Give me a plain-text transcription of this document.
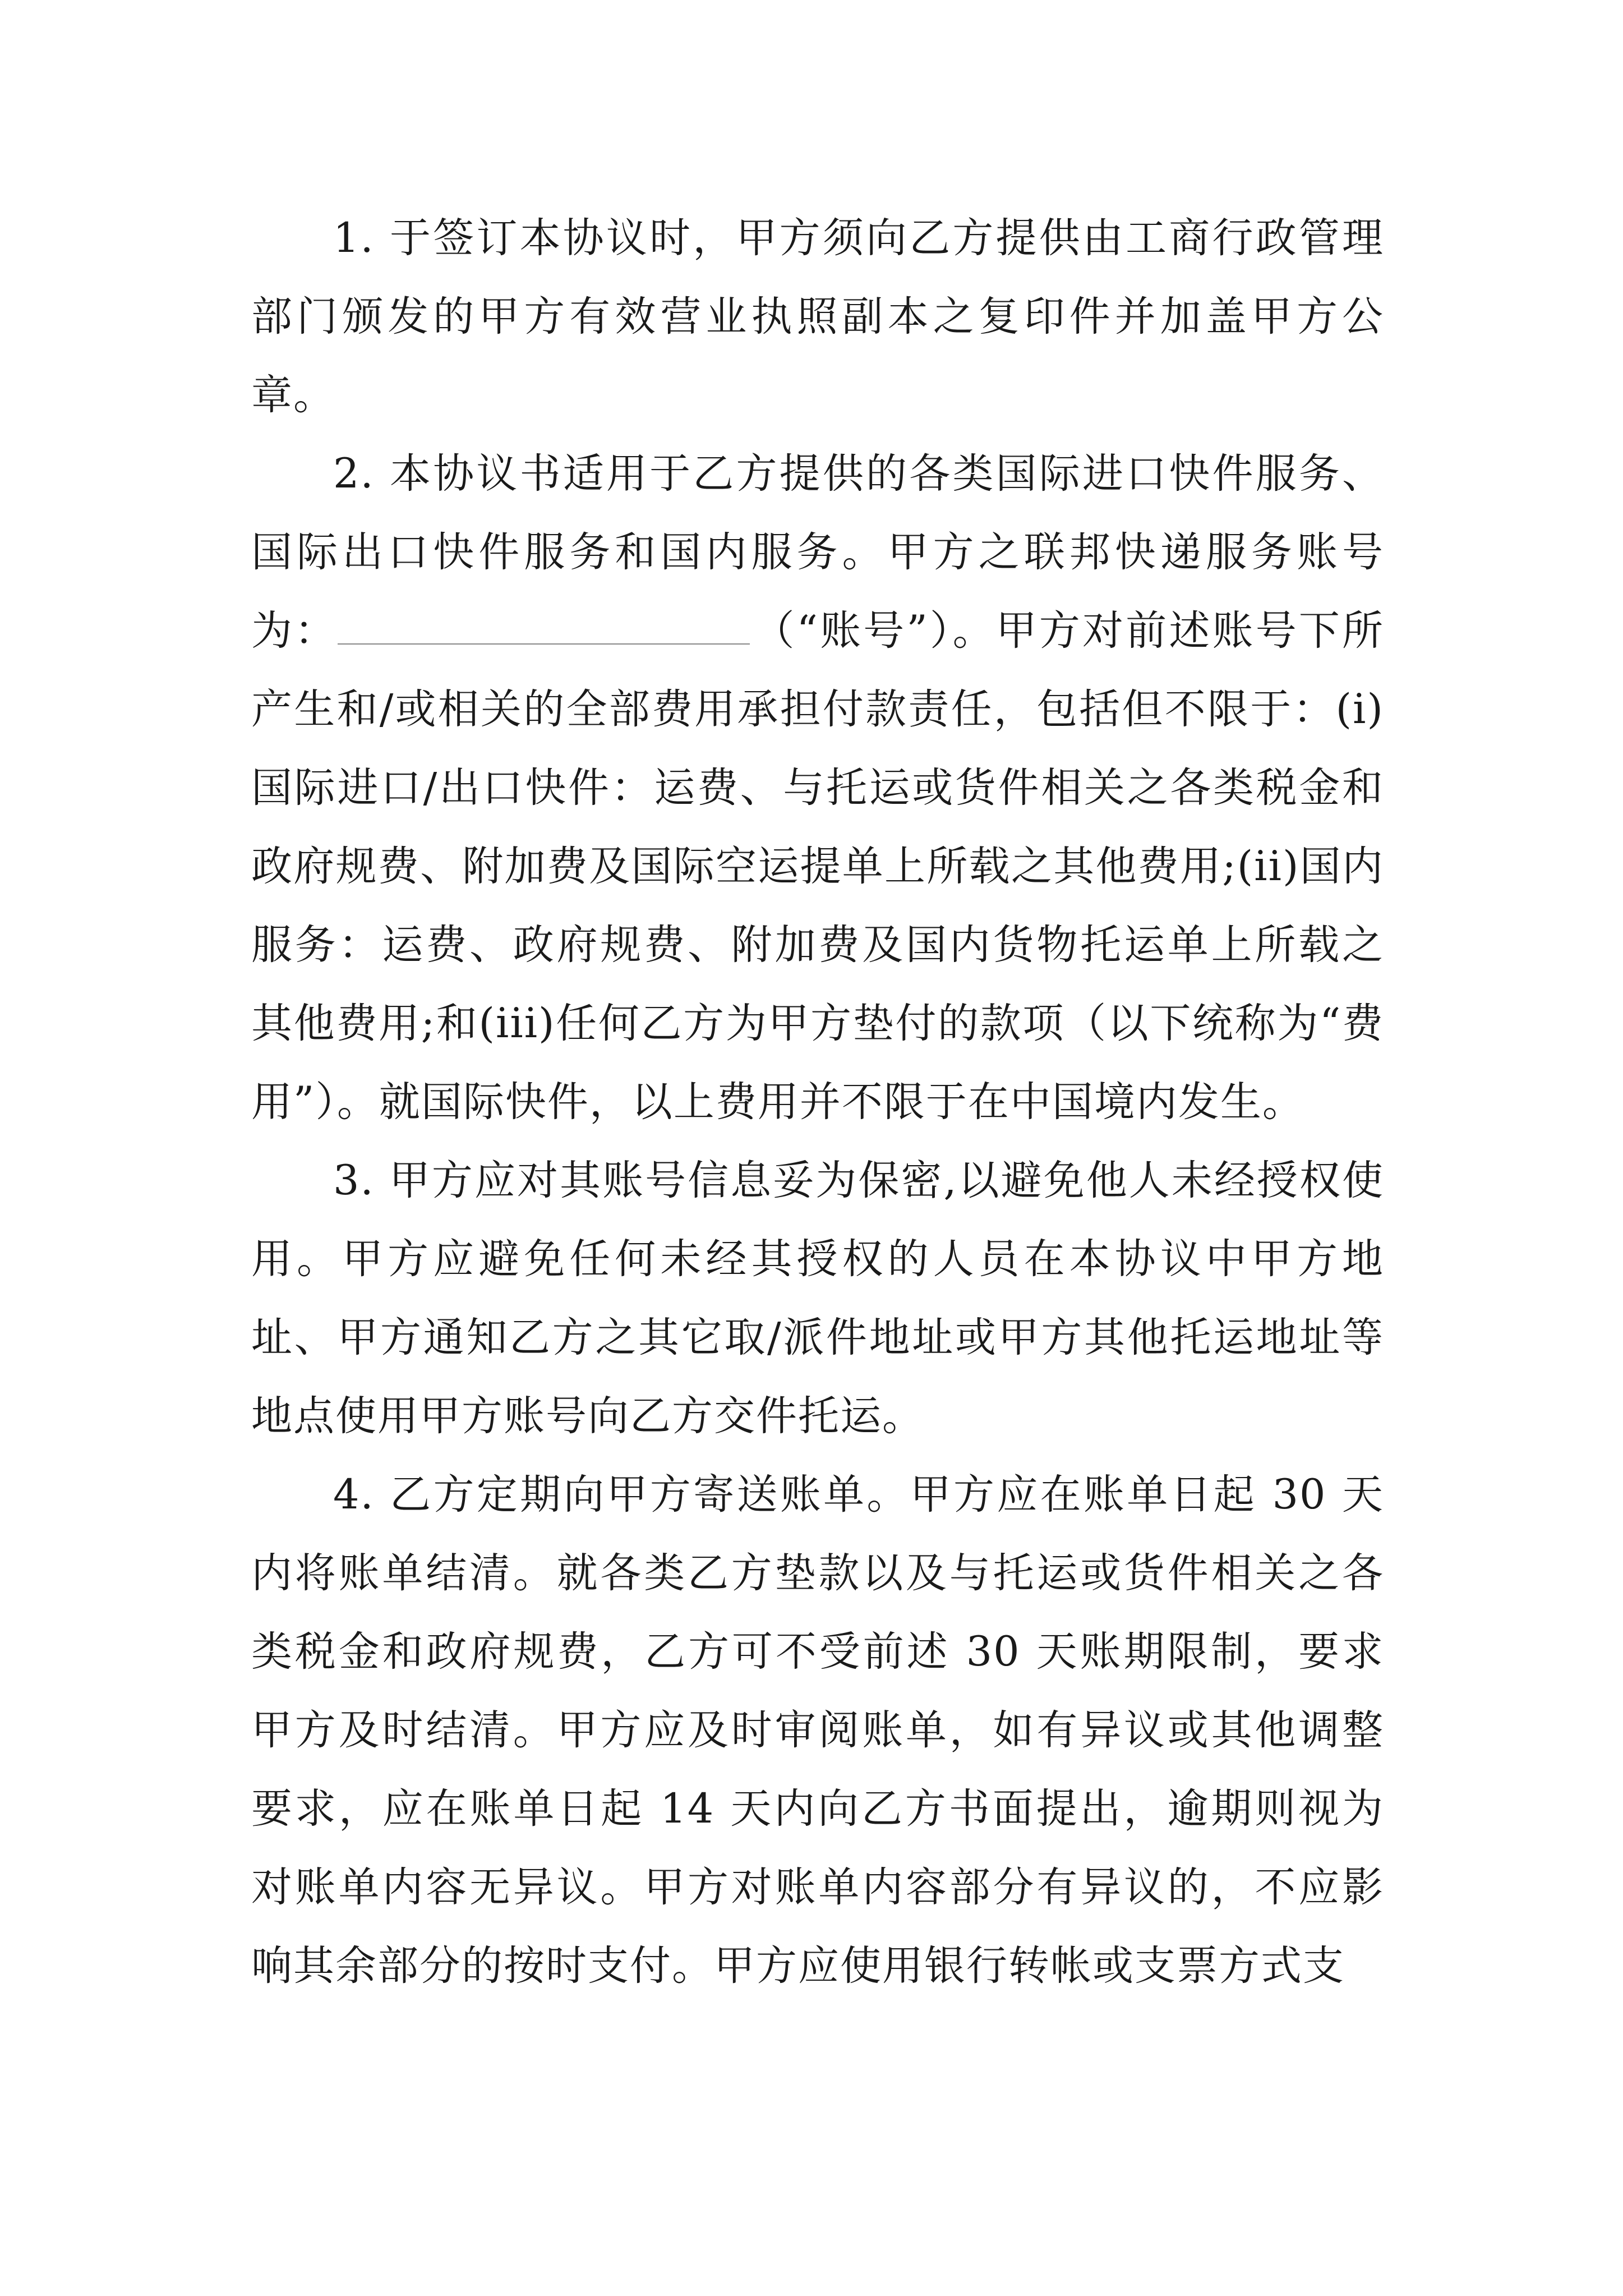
1. 于签订本协议时，甲方须向乙方提供由工商行政管理部门颁发的甲方有效营业执照副本之复印件并加盖甲方公章。

2. 本协议书适用于乙方提供的各类国际进口快件服务、国际出口快件服务和国内服务。甲方之联邦快递服务账号为：	（“账号”）。甲方对前述账号下所产生和/或相关的全部费用承担付款责任，包括但不限于：(i)国际进口/出口快件：运费、与托运或货件相关之各类税金和政府规费、附加费及国际空运提单上所载之其他费用;(ii)国内服务：运费、政府规费、附加费及国内货物托运单上所载之其他费用;和(iii)任何乙方为甲方垫付的款项（以下统称为“费用”）。就国际快件，以上费用并不限于在中国境内发生。

3. 甲方应对其账号信息妥为保密,以避免他人未经授权使用。甲方应避免任何未经其授权的人员在本协议中甲方地址、甲方通知乙方之其它取/派件地址或甲方其他托运地址等地点使用甲方账号向乙方交件托运。

4. 乙方定期向甲方寄送账单。甲方应在账单日起 30 天内将账单结清。就各类乙方垫款以及与托运或货件相关之各类税金和政府规费，乙方可不受前述 30 天账期限制，要求甲方及时结清。甲方应及时审阅账单，如有异议或其他调整要求，应在账单日起 14 天内向乙方书面提出，逾期则视为对账单内容无异议。甲方对账单内容部分有异议的，不应影响其余部分的按时支付。甲方应使用银行转帐或支票方式支
